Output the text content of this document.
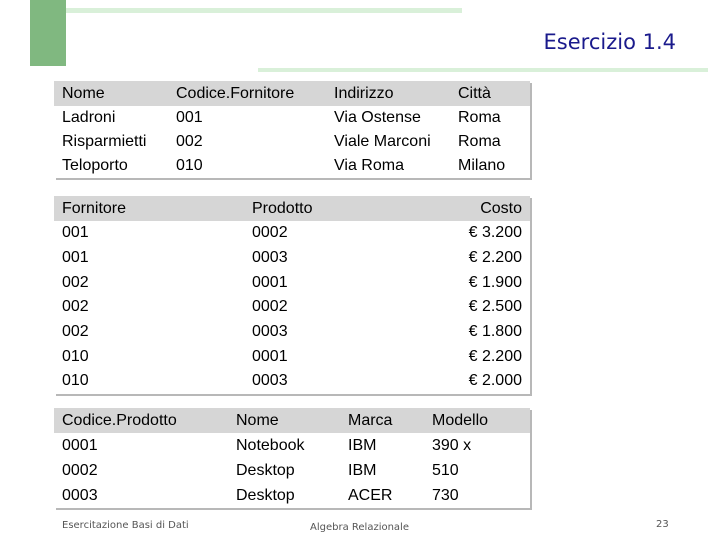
Esercizio 1.4
Nome	Codice.Fornitore	Indirizzo	Città
Ladroni	001	Via Ostense	Roma
Risparmietti	002	Viale Marconi	Roma
Teloporto	010	Via Roma	Milano
Fornitore	Prodotto	Costo
001	0002	€ 3.200
001	0003	€ 2.200
002	0001	€ 1.900
002	0002	€ 2.500
002	0003	€ 1.800
010	0001	€ 2.200
010	0003	€ 2.000
Codice.Prodotto	Nome	Marca	Modello
0001	Notebook	IBM	390 x
0002	Desktop	IBM	510
0003	Desktop	ACER	730
Esercitazione Basi di Dati	Algebra Relazionale	23
